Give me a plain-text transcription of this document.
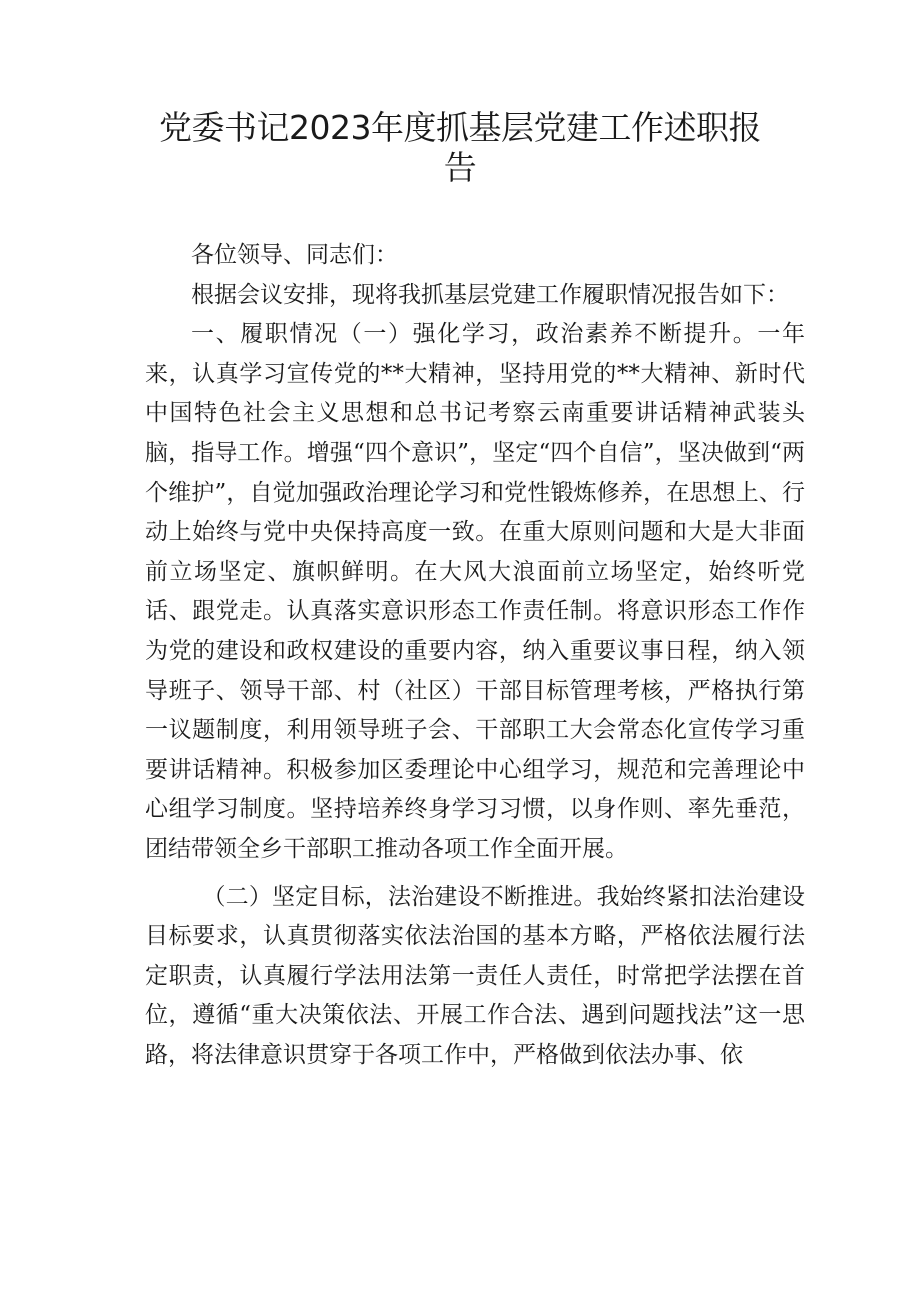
党委书记2023年度抓基层党建工作述职报
告

各位领导、同志们：

根据会议安排，现将我抓基层党建工作履职情况报告如下：

一、履职情况（一）强化学习，政治素养不断提升。一年来，认真学习宣传党的**大精神，坚持用党的**大精神、新时代中国特色社会主义思想和总书记考察云南重要讲话精神武装头脑，指导工作。增强“四个意识”，坚定“四个自信”，坚决做到“两个维护”，自觉加强政治理论学习和党性锻炼修养，在思想上、行动上始终与党中央保持高度一致。在重大原则问题和大是大非面前立场坚定、旗帜鲜明。在大风大浪面前立场坚定，始终听党话、跟党走。认真落实意识形态工作责任制。将意识形态工作作为党的建设和政权建设的重要内容，纳入重要议事日程，纳入领导班子、领导干部、村（社区）干部目标管理考核，严格执行第一议题制度，利用领导班子会、干部职工大会常态化宣传学习重要讲话精神。积极参加区委理论中心组学习，规范和完善理论中心组学习制度。坚持培养终身学习习惯，以身作则、率先垂范，团结带领全乡干部职工推动各项工作全面开展。

（二）坚定目标，法治建设不断推进。我始终紧扣法治建设目标要求，认真贯彻落实依法治国的基本方略，严格依法履行法定职责，认真履行学法用法第一责任人责任，时常把学法摆在首位，遵循“重大决策依法、开展工作合法、遇到问题找法”这一思路，将法律意识贯穿于各项工作中，严格做到依法办事、依
